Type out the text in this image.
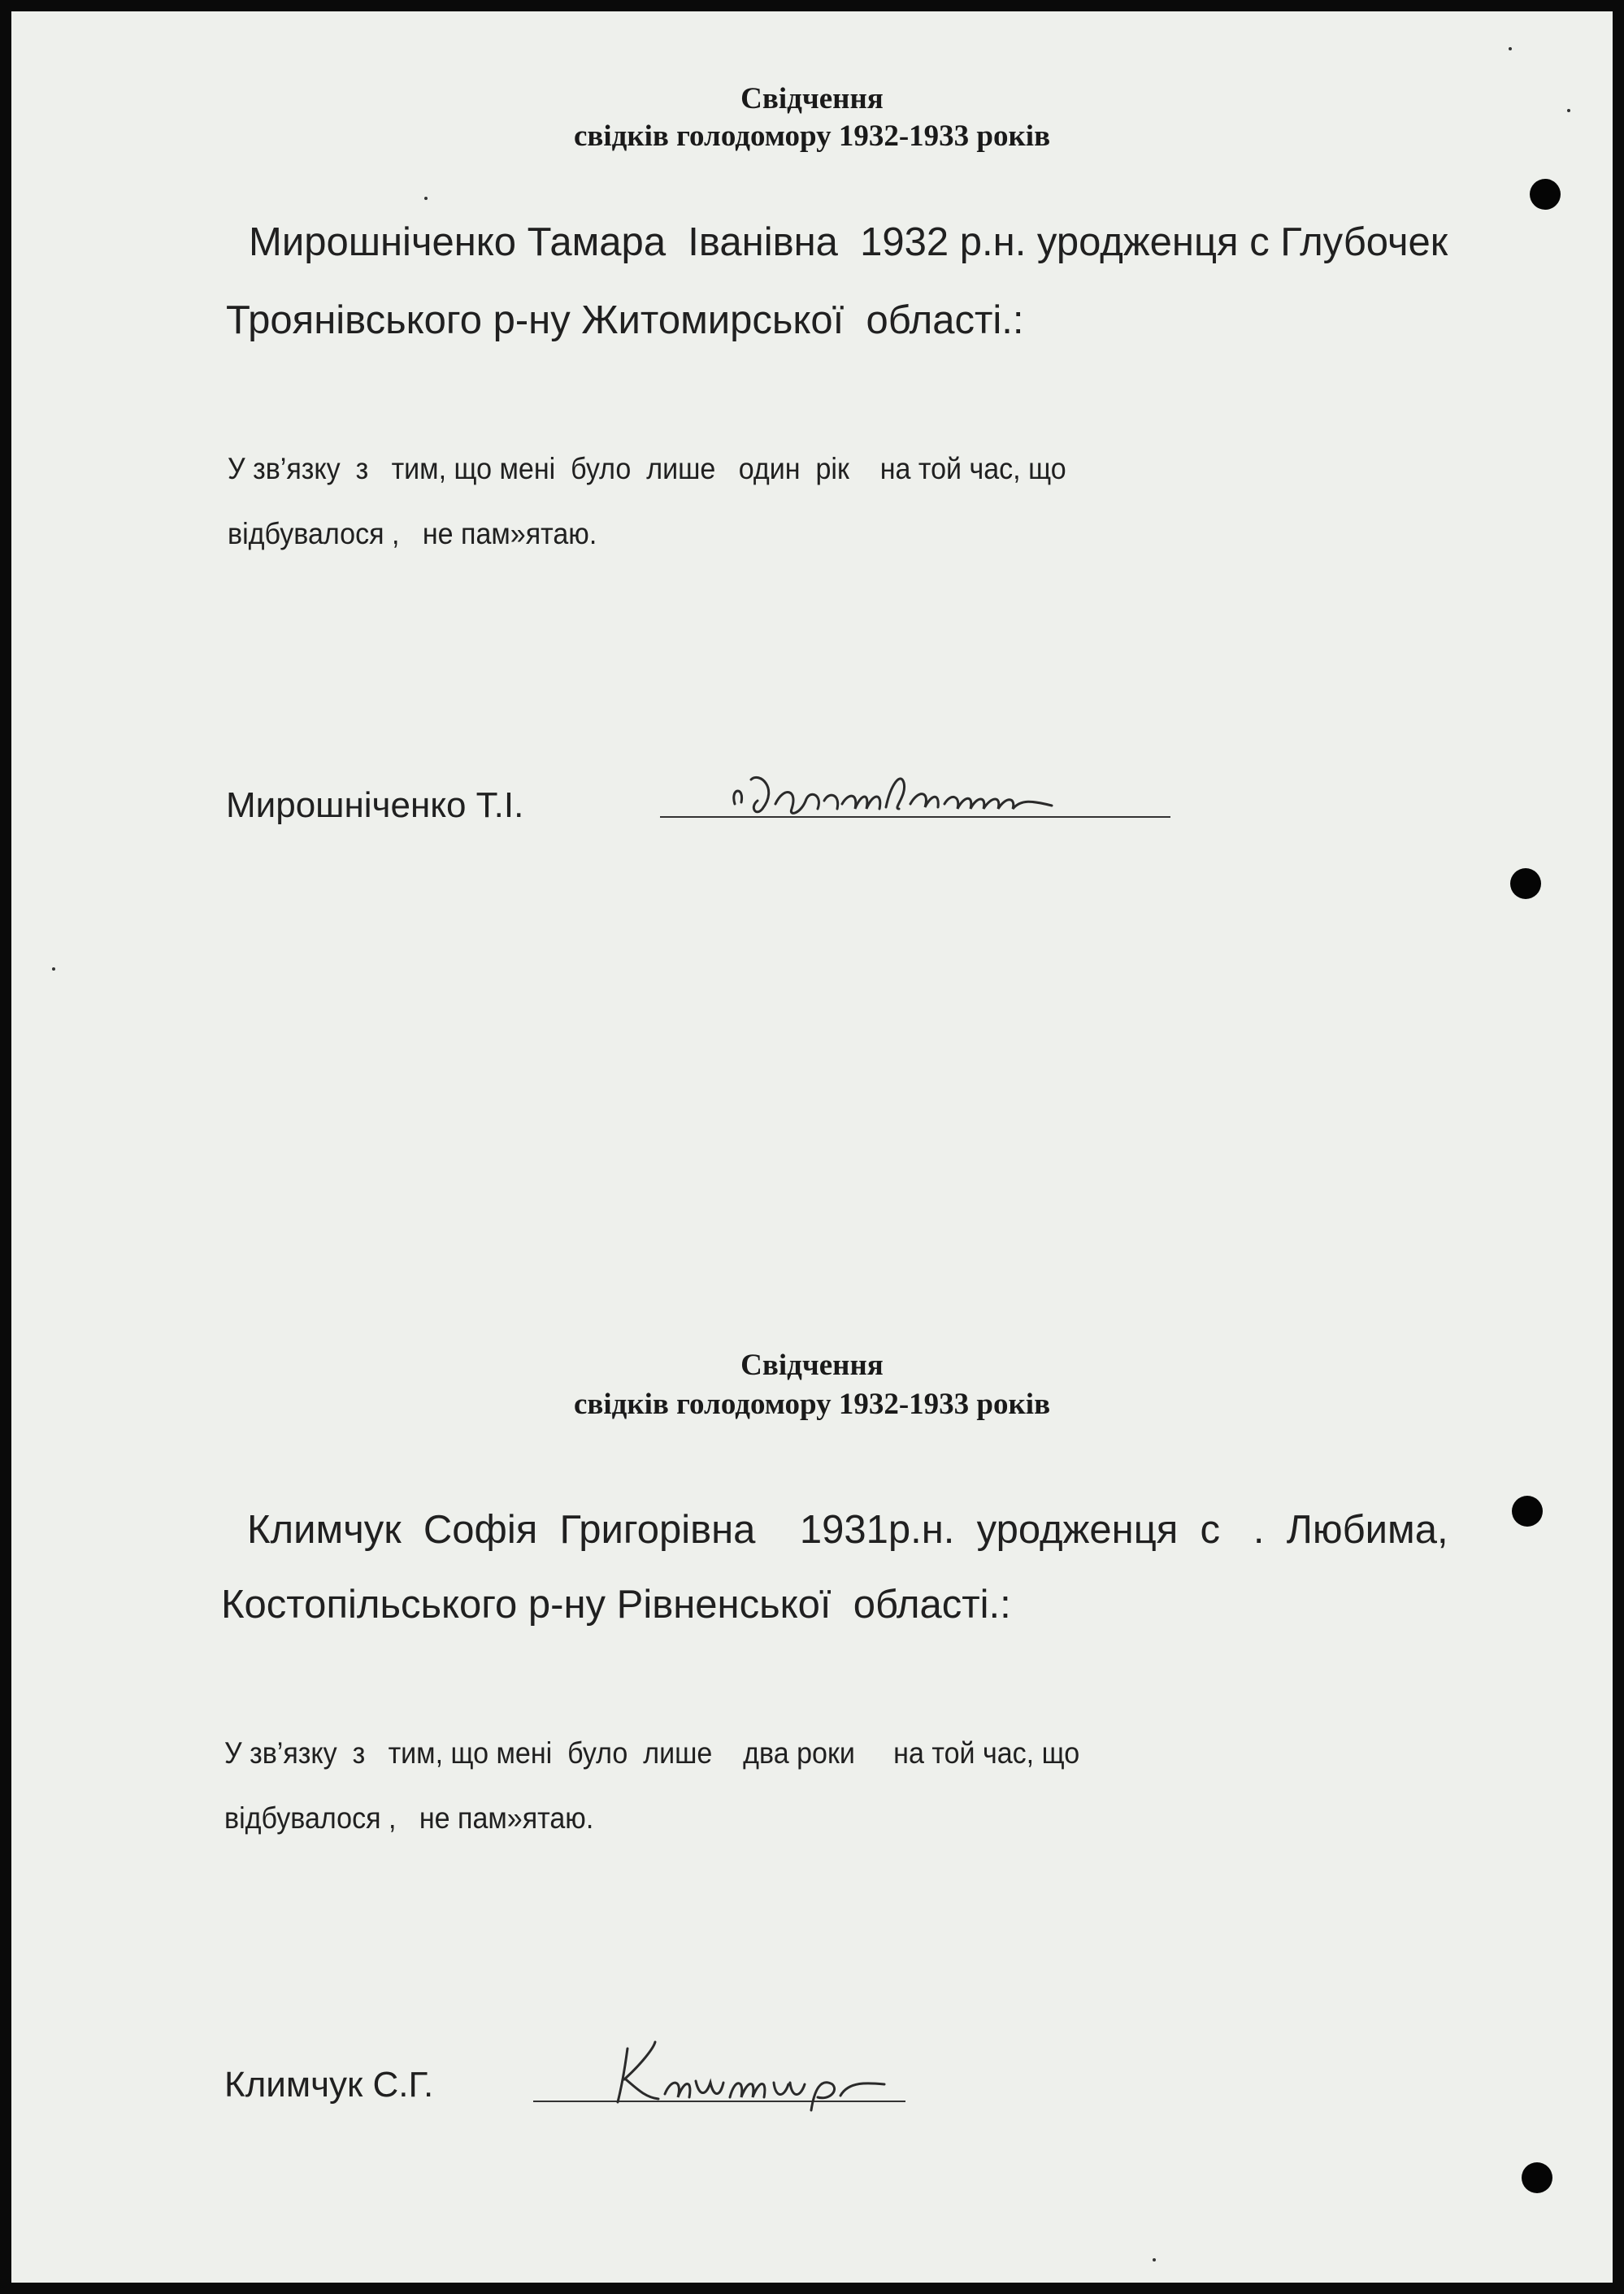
Свідчення
свідків голодомору 1932-1933 років
Мирошніченко Тамара  Іванівна  1932 р.н. уродженця с Глубочек
Троянівського р-ну Житомирської  області.:
У зв’язку  з   тим, що мені  було  лише   один  рік    на той час, що
відбувалося ,   не пам»ятаю.
Мирошніченко Т.І.
Свідчення
свідків голодомору 1932-1933 років
Климчук  Софія  Григорівна    1931р.н.  уродженця  с   .  Любима,
Костопільського р-ну Рівненської  області.:
У зв’язку  з   тим, що мені  було  лише    два роки     на той час, що
відбувалося ,   не пам»ятаю.
Климчук С.Г.
